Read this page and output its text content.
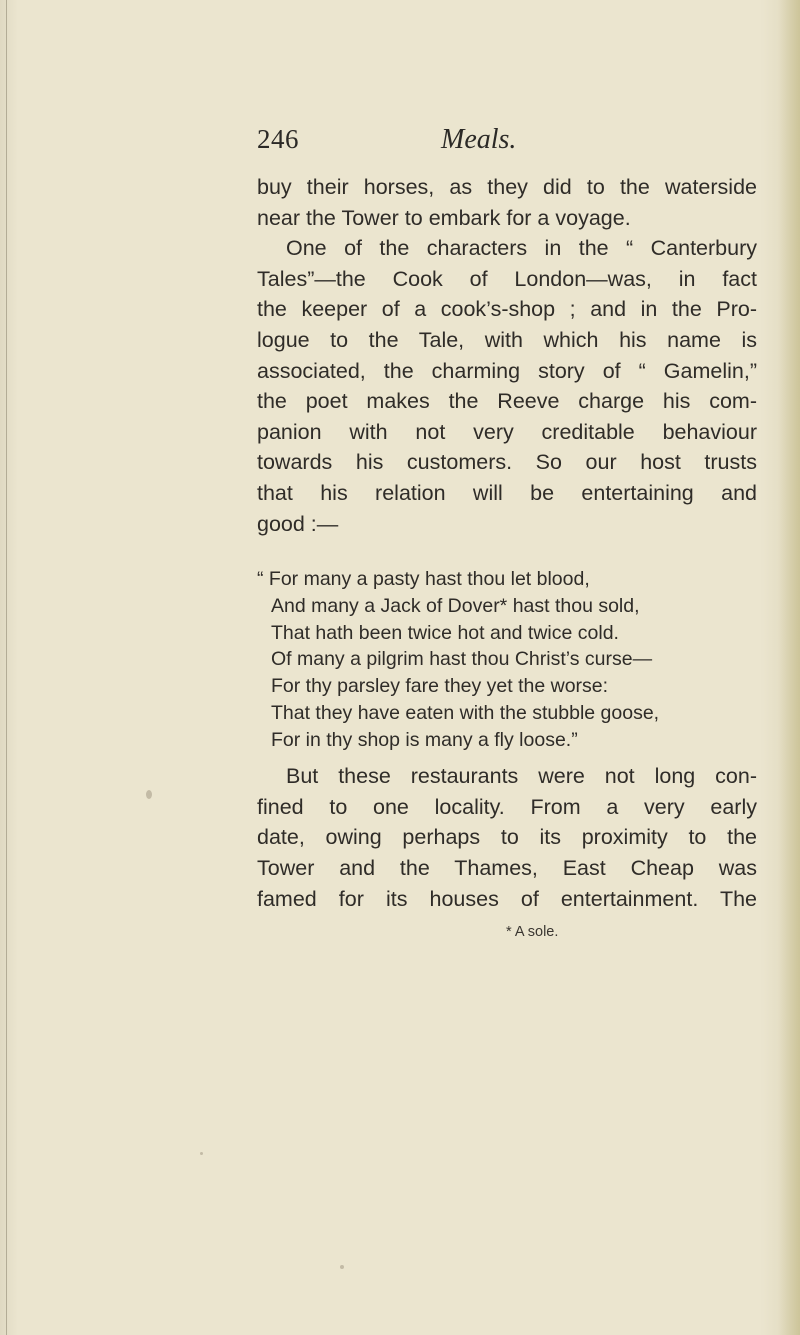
246	Meals.

buy their horses, as they did to the waterside

near the Tower to embark for a voyage.

One of the characters in the “ Canterbury

Tales”—the Cook of London—was, in fact

the keeper of a cook’s-shop ; and in the Pro-

logue to the Tale, with which his name is

associated, the charming story of “ Gamelin,”

the poet makes the Reeve charge his com-

panion with not very creditable behaviour

towards his customers. So our host trusts

that his relation will be entertaining and

good :—

“ For many a pasty hast thou let blood,
And many a Jack of Dover* hast thou sold,
That hath been twice hot and twice cold.
Of many a pilgrim hast thou Christ’s curse—
For thy parsley fare they yet the worse:
That they have eaten with the stubble goose,
For in thy shop is many a fly loose.”

But these restaurants were not long con-

fined to one locality. From a very early

date, owing perhaps to its proximity to the

Tower and the Thames, East Cheap was

famed for its houses of entertainment. The

* A sole.
